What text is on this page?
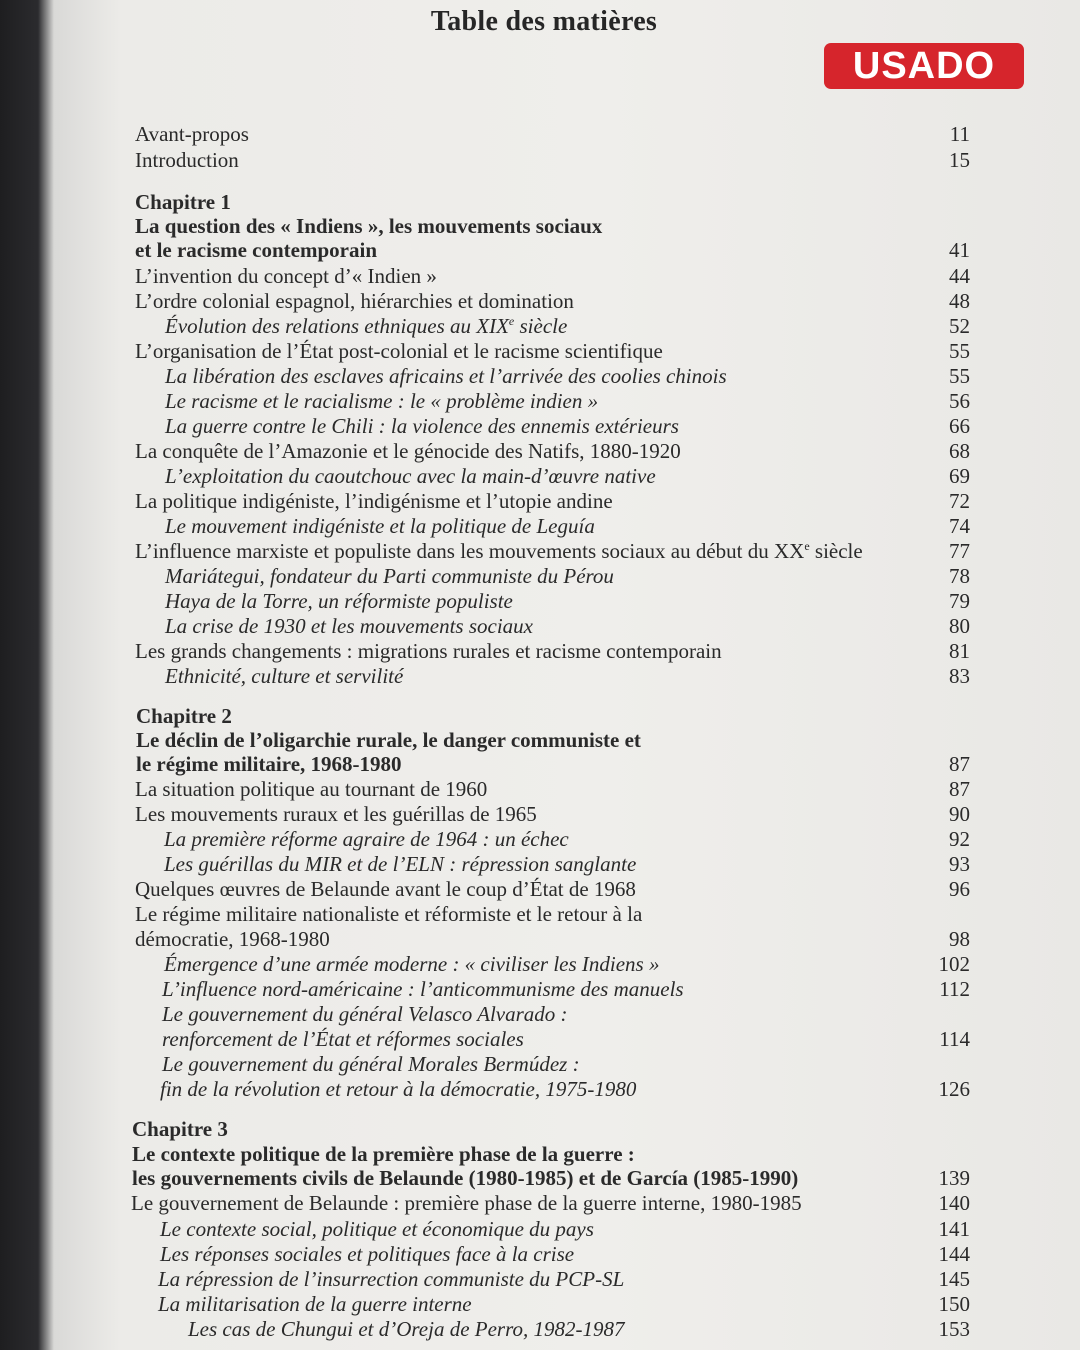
Table des matières
USADO
Avant-propos	11
Introduction	15
Chapitre 1
La question des « Indiens », les mouvements sociaux
et le racisme contemporain	41
L’invention du concept d’« Indien »	44
L’ordre colonial espagnol, hiérarchies et domination	48
Évolution des relations ethniques au XIXe siècle	52
L’organisation de l’État post-colonial et le racisme scientifique	55
La libération des esclaves africains et l’arrivée des coolies chinois	55
Le racisme et le racialisme : le « problème indien »	56
La guerre contre le Chili : la violence des ennemis extérieurs	66
La conquête de l’Amazonie et le génocide des Natifs, 1880-1920	68
L’exploitation du caoutchouc avec la main-d’œuvre native	69
La politique indigéniste, l’indigénisme et l’utopie andine	72
Le mouvement indigéniste et la politique de Leguía	74
L’influence marxiste et populiste dans les mouvements sociaux au début du XXe siècle	77
Mariátegui, fondateur du Parti communiste du Pérou	78
Haya de la Torre, un réformiste populiste	79
La crise de 1930 et les mouvements sociaux	80
Les grands changements : migrations rurales et racisme contemporain	81
Ethnicité, culture et servilité	83
Chapitre 2
Le déclin de l’oligarchie rurale, le danger communiste et
le régime militaire, 1968-1980	87
La situation politique au tournant de 1960	87
Les mouvements ruraux et les guérillas de 1965	90
La première réforme agraire de 1964 : un échec	92
Les guérillas du MIR et de l’ELN : répression sanglante	93
Quelques œuvres de Belaunde avant le coup d’État de 1968	96
Le régime militaire nationaliste et réformiste et le retour à la
démocratie, 1968-1980	98
Émergence d’une armée moderne : « civiliser les Indiens »	102
L’influence nord-américaine : l’anticommunisme des manuels	112
Le gouvernement du général Velasco Alvarado :
renforcement de l’État et réformes sociales	114
Le gouvernement du général Morales Bermúdez :
fin de la révolution et retour à la démocratie, 1975-1980	126
Chapitre 3
Le contexte politique de la première phase de la guerre :
les gouvernements civils de Belaunde (1980-1985) et de García (1985-1990)	139
Le gouvernement de Belaunde : première phase de la guerre interne, 1980-1985	140
Le contexte social, politique et économique du pays	141
Les réponses sociales et politiques face à la crise	144
La répression de l’insurrection communiste du PCP-SL	145
La militarisation de la guerre interne	150
Les cas de Chungui et d’Oreja de Perro, 1982-1987	153
